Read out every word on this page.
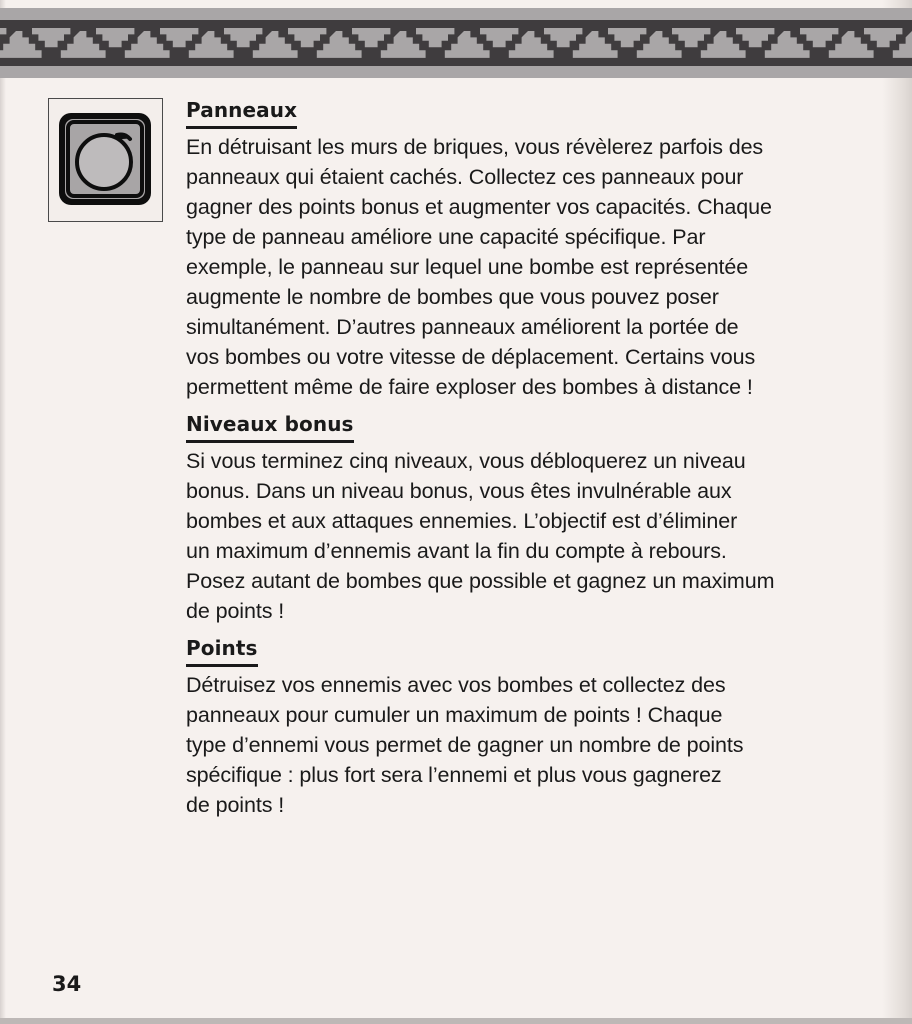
Panneaux

En détruisant les murs de briques, vous révèlerez parfois des
panneaux qui étaient cachés. Collectez ces panneaux pour
gagner des points bonus et augmenter vos capacités. Chaque
type de panneau améliore une capacité spécifique. Par
exemple, le panneau sur lequel une bombe est représentée
augmente le nombre de bombes que vous pouvez poser
simultanément. D’autres panneaux améliorent la portée de
vos bombes ou votre vitesse de déplacement. Certains vous
permettent même de faire exploser des bombes à distance !

Niveaux bonus

Si vous terminez cinq niveaux, vous débloquerez un niveau
bonus. Dans un niveau bonus, vous êtes invulnérable aux
bombes et aux attaques ennemies. L’objectif est d’éliminer
un maximum d’ennemis avant la fin du compte à rebours.
Posez autant de bombes que possible et gagnez un maximum
de points !

Points

Détruisez vos ennemis avec vos bombes et collectez des
panneaux pour cumuler un maximum de points ! Chaque
type d’ennemi vous permet de gagner un nombre de points
spécifique : plus fort sera l’ennemi et plus vous gagnerez
de points !

34
